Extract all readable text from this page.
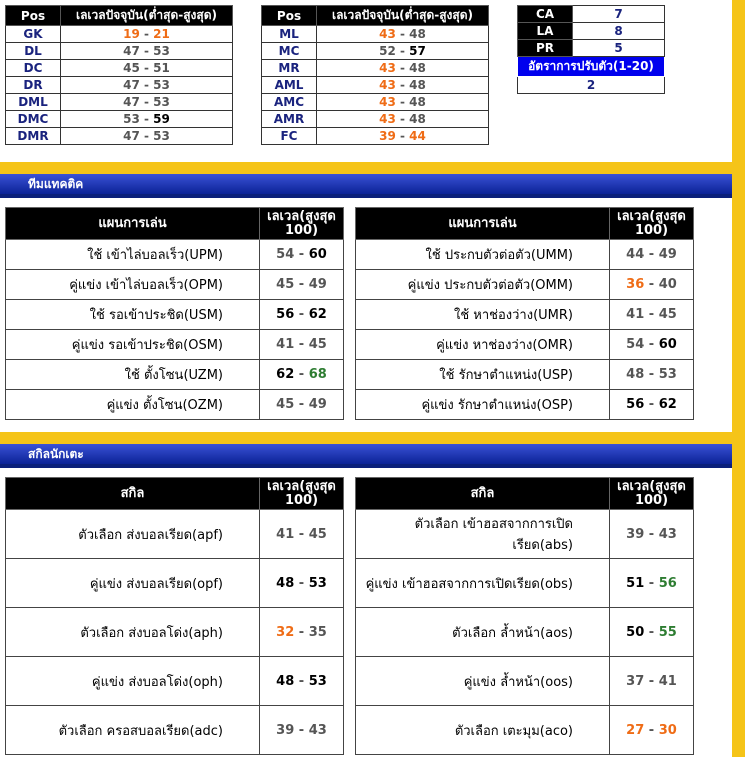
Pos	เลเวลปัจจุบัน(ต่ำสุด-สูงสุด)
GK	19 - 21
DL	47 - 53
DC	45 - 51
DR	47 - 53
DML	47 - 53
DMC	53 - 59
DMR	47 - 53
Pos	เลเวลปัจจุบัน(ต่ำสุด-สูงสุด)
ML	43 - 48
MC	52 - 57
MR	43 - 48
AML	43 - 48
AMC	43 - 48
AMR	43 - 48
FC	39 - 44
CA	7
LA	8
PR	5
อัตราการปรับตัว(1-20)	
2	
ทีมแทคติค
แผนการเล่น	เลเวล(สูงสุด 100)
ใช้ เข้าไล่บอลเร็ว(UPM)	54 - 60
คู่แข่ง เข้าไล่บอลเร็ว(OPM)	45 - 49
ใช้ รอเข้าประชิด(USM)	56 - 62
คู่แข่ง รอเข้าประชิด(OSM)	41 - 45
ใช้ ตั้งโซน(UZM)	62 - 68
คู่แข่ง ตั้งโซน(OZM)	45 - 49
แผนการเล่น	เลเวล(สูงสุด 100)
ใช้ ประกบตัวต่อตัว(UMM)	44 - 49
คู่แข่ง ประกบตัวต่อตัว(OMM)	36 - 40
ใช้ หาช่องว่าง(UMR)	41 - 45
คู่แข่ง หาช่องว่าง(OMR)	54 - 60
ใช้ รักษาตำแหน่ง(USP)	48 - 53
คู่แข่ง รักษาตำแหน่ง(OSP)	56 - 62
สกิลนักเตะ
สกิล	เลเวล(สูงสุด 100)
ตัวเลือก ส่งบอลเรียด(apf)	41 - 45
คู่แข่ง ส่งบอลเรียด(opf)	48 - 53
ตัวเลือก ส่งบอลโด่ง(aph)	32 - 35
คู่แข่ง ส่งบอลโด่ง(oph)	48 - 53
ตัวเลือก ครอสบอลเรียด(adc)	39 - 43
สกิล	เลเวล(สูงสุด 100)
ตัวเลือก เข้าฮอสจากการเปิดเรียด(abs)	39 - 43
คู่แข่ง เข้าฮอสจากการเปิดเรียด(obs)	51 - 56
ตัวเลือก ล้ำหน้า(aos)	50 - 55
คู่แข่ง ล้ำหน้า(oos)	37 - 41
ตัวเลือก เตะมุม(aco)	27 - 30
